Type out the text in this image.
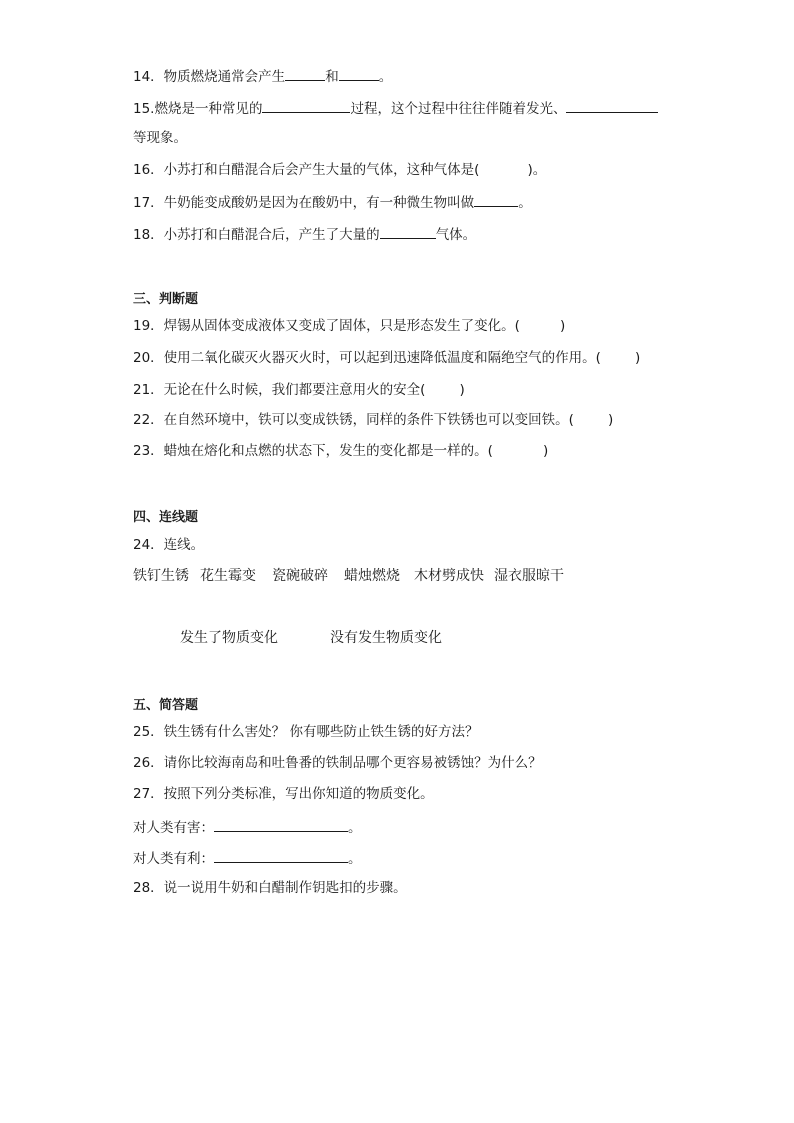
14．物质燃烧通常会产生	和	。
15.燃烧是一种常见的	过程，这个过程中往往伴随着发光、
等现象。
16．小苏打和白醋混合后会产生大量的气体，这种气体是(	)。
17．牛奶能变成酸奶是因为在酸奶中，有一种微生物叫做	。
18．小苏打和白醋混合后，产生了大量的	气体。
三、判断题
19．焊锡从固体变成液体又变成了固体，只是形态发生了变化。(	)
20．使用二氧化碳灭火器灭火时，可以起到迅速降低温度和隔绝空气的作用。(	)
21．无论在什么时候，我们都要注意用火的安全(	)
22．在自然环境中，铁可以变成铁锈，同样的条件下铁锈也可以变回铁。(	)
23．蜡烛在熔化和点燃的状态下，发生的变化都是一样的。(	)
四、连线题
24．连线。
铁钉生锈 花生霉变 瓷碗破碎 蜡烛燃烧 木材劈成快 湿衣服晾干
发生了物质变化	没有发生物质变化
五、简答题
25．铁生锈有什么害处？ 你有哪些防止铁生锈的好方法？
26．请你比较海南岛和吐鲁番的铁制品哪个更容易被锈蚀？为什么？
27．按照下列分类标准，写出你知道的物质变化。
对人类有害：	。
对人类有利：	。
28．说一说用牛奶和白醋制作钥匙扣的步骤。
